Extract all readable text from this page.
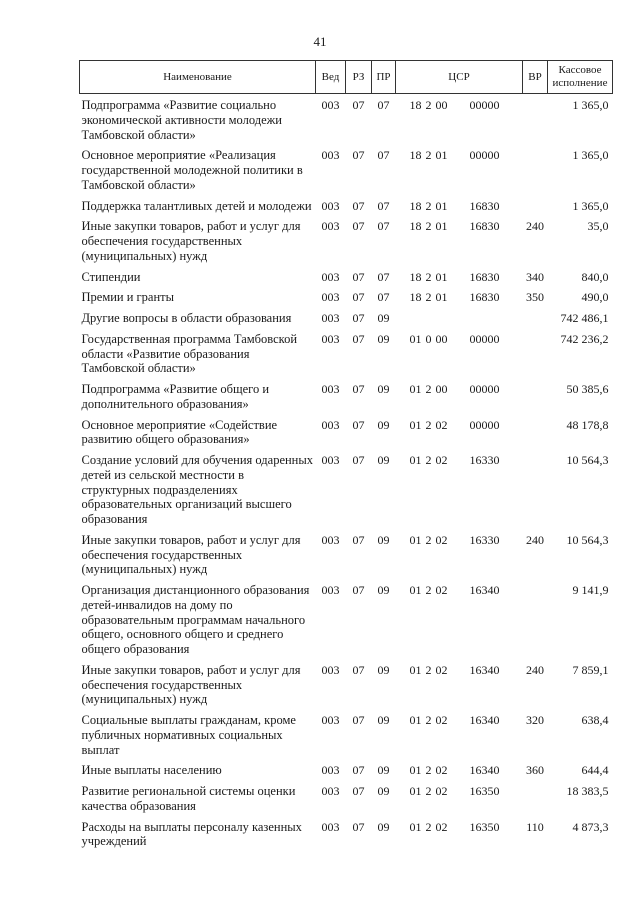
41
Наименование	Вед	РЗ	ПР	ЦСР	ВР	Кассовое исполнение
Подпрограмма «Развитие социально экономической активности молодежи Тамбовской области»	003	07	07	18 2 00 00000		1 365,0
Основное мероприятие «Реализация государственной молодежной политики в Тамбовской области»	003	07	07	18 2 01 00000		1 365,0
Поддержка талантливых детей и молодежи	003	07	07	18 2 01 16830		1 365,0
Иные закупки товаров, работ и услуг для обеспечения государственных (муниципальных) нужд	003	07	07	18 2 01 16830	240	35,0
Стипендии	003	07	07	18 2 01 16830	340	840,0
Премии и гранты	003	07	07	18 2 01 16830	350	490,0
Другие вопросы в области образования	003	07	09			742 486,1
Государственная программа Тамбовской области «Развитие образования Тамбовской области»	003	07	09	01 0 00 00000		742 236,2
Подпрограмма «Развитие общего и дополнительного образования»	003	07	09	01 2 00 00000		50 385,6
Основное мероприятие «Содействие развитию общего образования»	003	07	09	01 2 02 00000		48 178,8
Создание условий для обучения одаренных детей из сельской местности в структурных подразделениях образовательных организаций высшего образования	003	07	09	01 2 02 16330		10 564,3
Иные закупки товаров, работ и услуг для обеспечения государственных (муниципальных) нужд	003	07	09	01 2 02 16330	240	10 564,3
Организация дистанционного образования детей-инвалидов на дому по образовательным программам начального общего, основного общего и среднего общего образования	003	07	09	01 2 02 16340		9 141,9
Иные закупки товаров, работ и услуг для обеспечения государственных (муниципальных) нужд	003	07	09	01 2 02 16340	240	7 859,1
Социальные выплаты гражданам, кроме публичных нормативных социальных выплат	003	07	09	01 2 02 16340	320	638,4
Иные выплаты населению	003	07	09	01 2 02 16340	360	644,4
Развитие региональной системы оценки качества образования	003	07	09	01 2 02 16350		18 383,5
Расходы на выплаты персоналу казенных учреждений	003	07	09	01 2 02 16350	110	4 873,3
